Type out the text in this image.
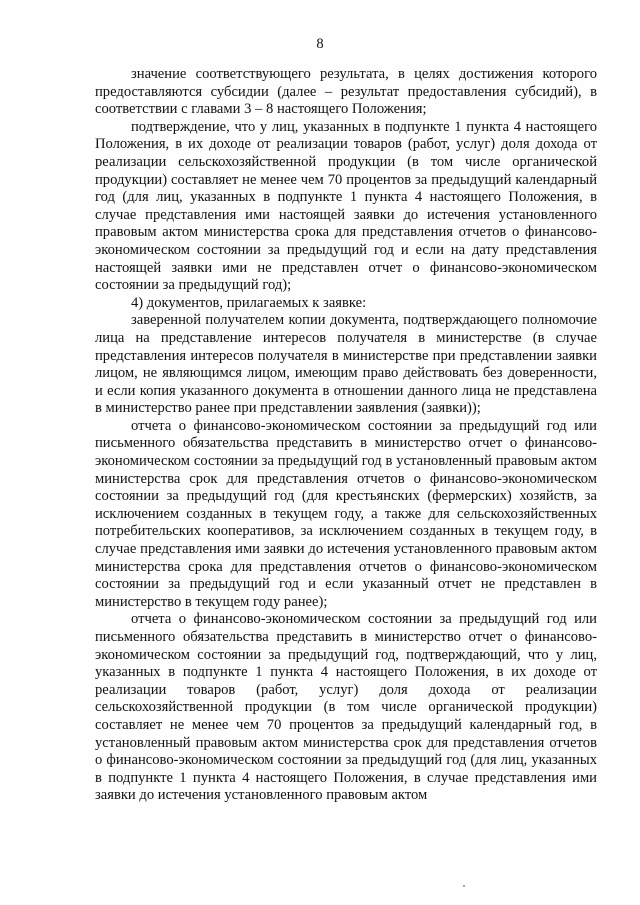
8

значение соответствующего результата, в целях достижения которого предоставляются субсидии (далее – результат предоставления субсидий), в соответствии с главами 3 – 8 настоящего Положения;

подтверждение, что у лиц, указанных в подпункте 1 пункта 4 настоящего Положения, в их доходе от реализации товаров (работ, услуг) доля дохода от реализации сельскохозяйственной продукции (в том числе органической продукции) составляет не менее чем 70 процентов за предыдущий календарный год (для лиц, указанных в подпункте 1 пункта 4 настоящего Положения, в случае представления ими настоящей заявки до истечения установленного правовым актом министерства срока для представления отчетов о финансово-экономическом состоянии за предыдущий год и если на дату представления настоящей заявки ими не представлен отчет о финансово-экономическом состоянии за предыдущий год);

4) документов, прилагаемых к заявке:

заверенной получателем копии документа, подтверждающего полномочие лица на представление интересов получателя в министерстве (в случае представления интересов получателя в министерстве при представлении заявки лицом, не являющимся лицом, имеющим право действовать без доверенности, и если копия указанного документа в отношении данного лица не представлена в министерство ранее при представлении заявления (заявки));

отчета о финансово-экономическом состоянии за предыдущий год или письменного обязательства представить в министерство отчет о финансово-экономическом состоянии за предыдущий год в установленный правовым актом министерства срок для представления отчетов о финансово-экономическом состоянии за предыдущий год (для крестьянских (фермерских) хозяйств, за исключением созданных в текущем году, а также для сельскохозяйственных потребительских кооперативов, за исключением созданных в текущем году, в случае представления ими заявки до истечения установленного правовым актом министерства срока для представления отчетов о финансово-экономическом состоянии за предыдущий год и если указанный отчет не представлен в министерство в текущем году ранее);

отчета о финансово-экономическом состоянии за предыдущий год или письменного обязательства представить в министерство отчет о финансово-экономическом состоянии за предыдущий год, подтверждающий, что у лиц, указанных в подпункте 1 пункта 4 настоящего Положения, в их доходе от реализации товаров (работ, услуг) доля дохода от реализации сельскохозяйственной продукции (в том числе органической продукции) составляет не менее чем 70 процентов за предыдущий календарный год, в установленный правовым актом министерства срок для представления отчетов о финансово-экономическом состоянии за предыдущий год (для лиц, указанных в подпункте 1 пункта 4 настоящего Положения, в случае представления ими заявки до истечения установленного правовым актом
